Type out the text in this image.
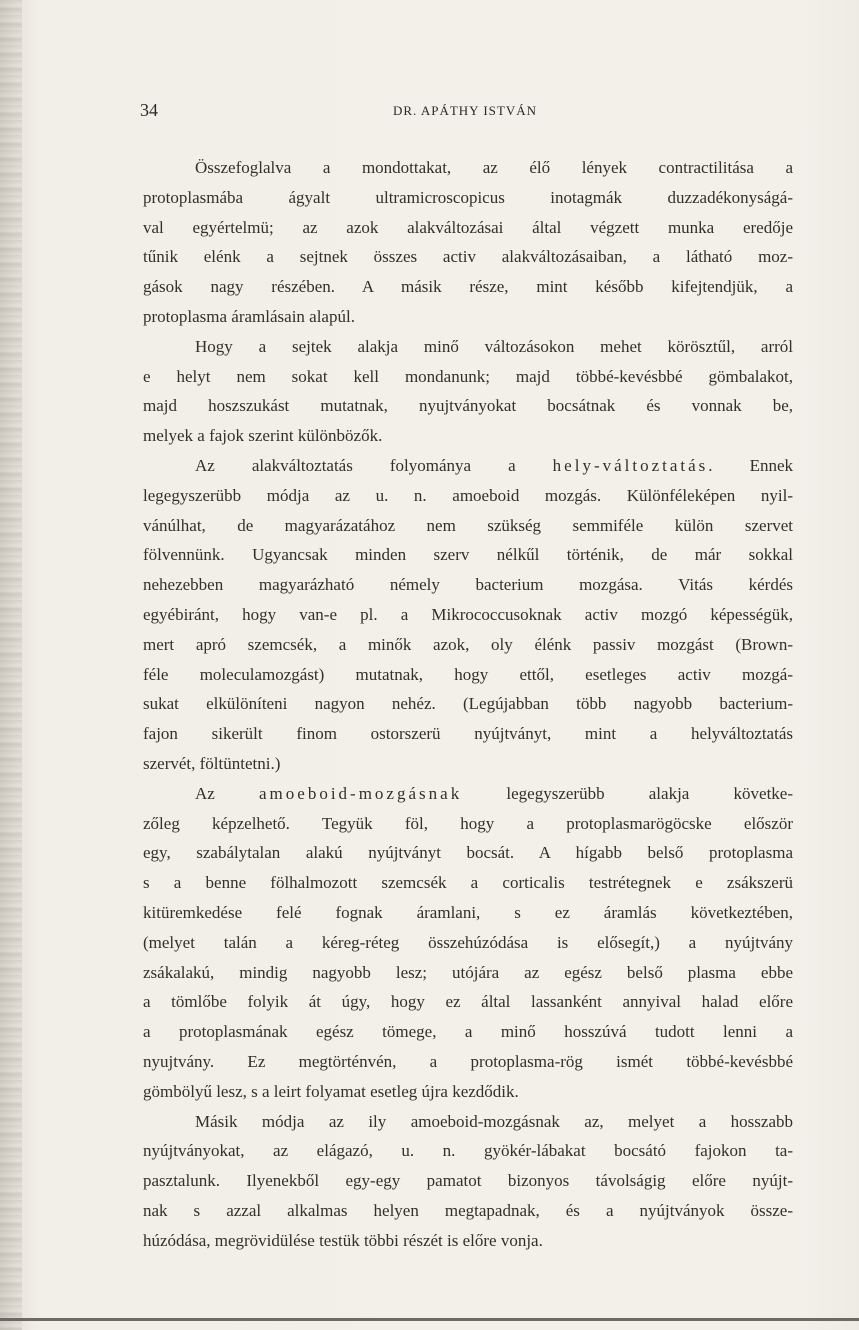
34	DR. APÁTHY ISTVÁN
Összefoglalva a mondottakat, az élő lények contractilitása a
protoplasmába ágyalt ultramicroscopicus inotagmák duzzadékonyságá-
val egyértelmü; az azok alakváltozásai által végzett munka eredője
tűnik elénk a sejtnek összes activ alakváltozásaiban, a látható moz-
gások nagy részében. A másik része, mint később kifejtendjük, a
protoplasma áramlásain alapúl.
Hogy a sejtek alakja minő változásokon mehet körösztűl, arról
e helyt nem sokat kell mondanunk; majd többé-kevésbbé gömbalakot,
majd hoszszukást mutatnak, nyujtványokat bocsátnak és vonnak be,
melyek a fajok szerint különbözők.
Az alakváltoztatás folyományа a hely-változtatás. Ennek
legegyszerübb módja az u. n. amoeboid mozgás. Különféleképen nyil-
vánúlhat, de magyarázatához nem szükség semmiféle külön szervet
fölvennünk. Ugyancsak minden szerv nélkűl történik, de már sokkal
nehezebben magyarázható némely bacterium mozgása. Vitás kérdés
egyébiránt, hogy van-e pl. a Mikrococcusoknak activ mozgó képességük,
mert apró szemcsék, a minők azok, oly élénk passiv mozgást (Brown-
féle moleculamozgást) mutatnak, hogy ettől, esetleges activ mozgá-
sukat elkülöníteni nagyon nehéz. (Legújabban több nagyobb bacterium-
fajon sikerült finom ostorszerü nyújtványt, mint a helyváltoztatás
szervét, föltüntetni.)
Az amoeboid-mozgásnak legegyszerübb alakja követke-
zőleg képzelhető. Tegyük föl, hogy a protoplasmarögöcske először
egy, szabálytalan alakú nyújtványt bocsát. A hígabb belső protoplasma
s a benne fölhalmozott szemcsék a corticalis testrétegnek e zsákszerü
kitüremkedése felé fognak áramlani, s ez áramlás következtében,
(melyet talán a kéreg-réteg összehúzódása is elősegít,) a nyújtvány
zsákalakú, mindig nagyobb lesz; utójára az egész belső plasma ebbe
a tömlőbe folyik át úgy, hogy ez által lassanként annyival halad előre
a protoplasmának egész tömege, a minő hosszúvá tudott lenni a
nyujtvány. Ez megtörténvén, a protoplasma-rög ismét többé-kevésbbé
gömbölyű lesz, s a leirt folyamat esetleg újra kezdődik.
Másik módja az ily amoeboid-mozgásnak az, melyet a hosszabb
nyújtványokat, az elágazó, u. n. gyökér-lábakat bocsátó fajokon ta-
pasztalunk. Ilyenekből egy-egy pamatot bizonyos távolságig előre nyújt-
nak s azzal alkalmas helyen megtapadnak, és a nyújtványok össze-
húzódása, megrövidülése testük többi részét is előre vonja.
